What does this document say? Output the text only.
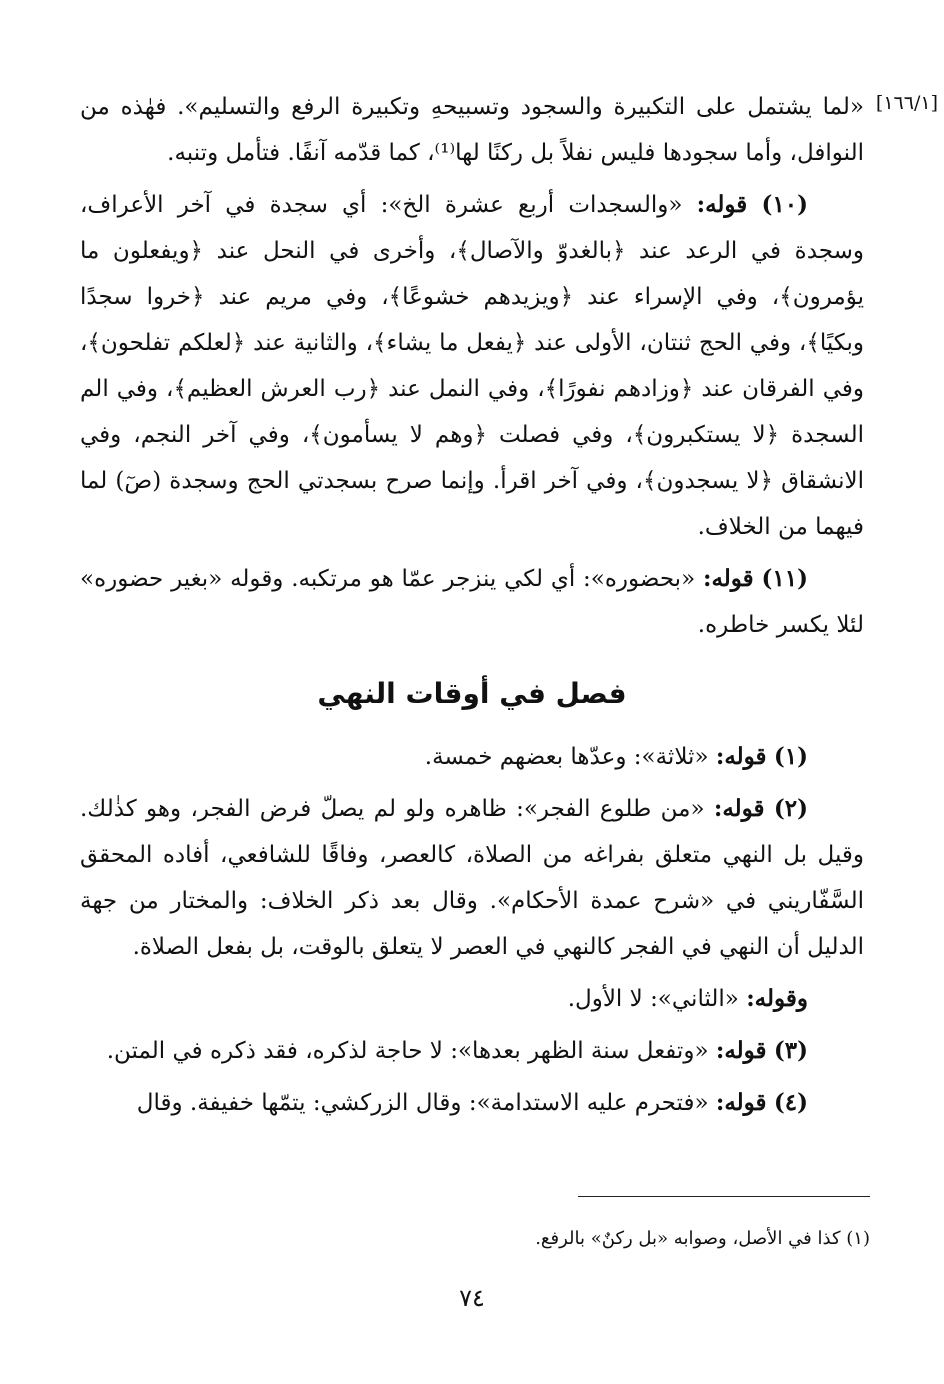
[١٦٦/١]

«لما يشتمل على التكبيرة والسجود وتسبيحهِ وتكبيرة الرفع والتسليم». فهٰذه من النوافل، وأما سجودها فليس نفلاً بل ركنًا لها⁽¹⁾، كما قدّمه آنفًا. فتأمل وتنبه.

(١٠) قوله: «والسجدات أربع عشرة الخ»: أي سجدة في آخر الأعراف، وسجدة في الرعد عند ﴿بالغدوّ والآصال﴾، وأخرى في النحل عند ﴿ويفعلون ما يؤمرون﴾، وفي الإسراء عند ﴿ويزيدهم خشوعًا﴾، وفي مريم عند ﴿خروا سجدًا وبكيًا﴾، وفي الحج ثنتان، الأولى عند ﴿يفعل ما يشاء﴾، والثانية عند ﴿لعلكم تفلحون﴾، وفي الفرقان عند ﴿وزادهم نفورًا﴾، وفي النمل عند ﴿رب العرش العظيم﴾، وفي الم السجدة ﴿لا يستكبرون﴾، وفي فصلت ﴿وهم لا يسأمون﴾، وفي آخر النجم، وفي الانشقاق ﴿لا يسجدون﴾، وفي آخر اقرأ. وإنما صرح بسجدتي الحج وسجدة (صٓ) لما فيهما من الخلاف.

(١١) قوله: «بحضوره»: أي لكي ينزجر عمّا هو مرتكبه. وقوله «بغير حضوره» لئلا يكسر خاطره.

فصل في أوقات النهي

(١) قوله: «ثلاثة»: وعدّها بعضهم خمسة.

(٢) قوله: «من طلوع الفجر»: ظاهره ولو لم يصلّ فرض الفجر، وهو كذٰلك. وقيل بل النهي متعلق بفراغه من الصلاة، كالعصر، وفاقًا للشافعي، أفاده المحقق السَّفّاريني في «شرح عمدة الأحكام». وقال بعد ذكر الخلاف: والمختار من جهة الدليل أن النهي في الفجر كالنهي في العصر لا يتعلق بالوقت، بل بفعل الصلاة.

وقوله: «الثاني»: لا الأول.

(٣) قوله: «وتفعل سنة الظهر بعدها»: لا حاجة لذكره، فقد ذكره في المتن.

(٤) قوله: «فتحرم عليه الاستدامة»: وقال الزركشي: يتمّها خفيفة. وقال

(١) كذا في الأصل، وصوابه «بل ركنٌ» بالرفع.
٧٤
